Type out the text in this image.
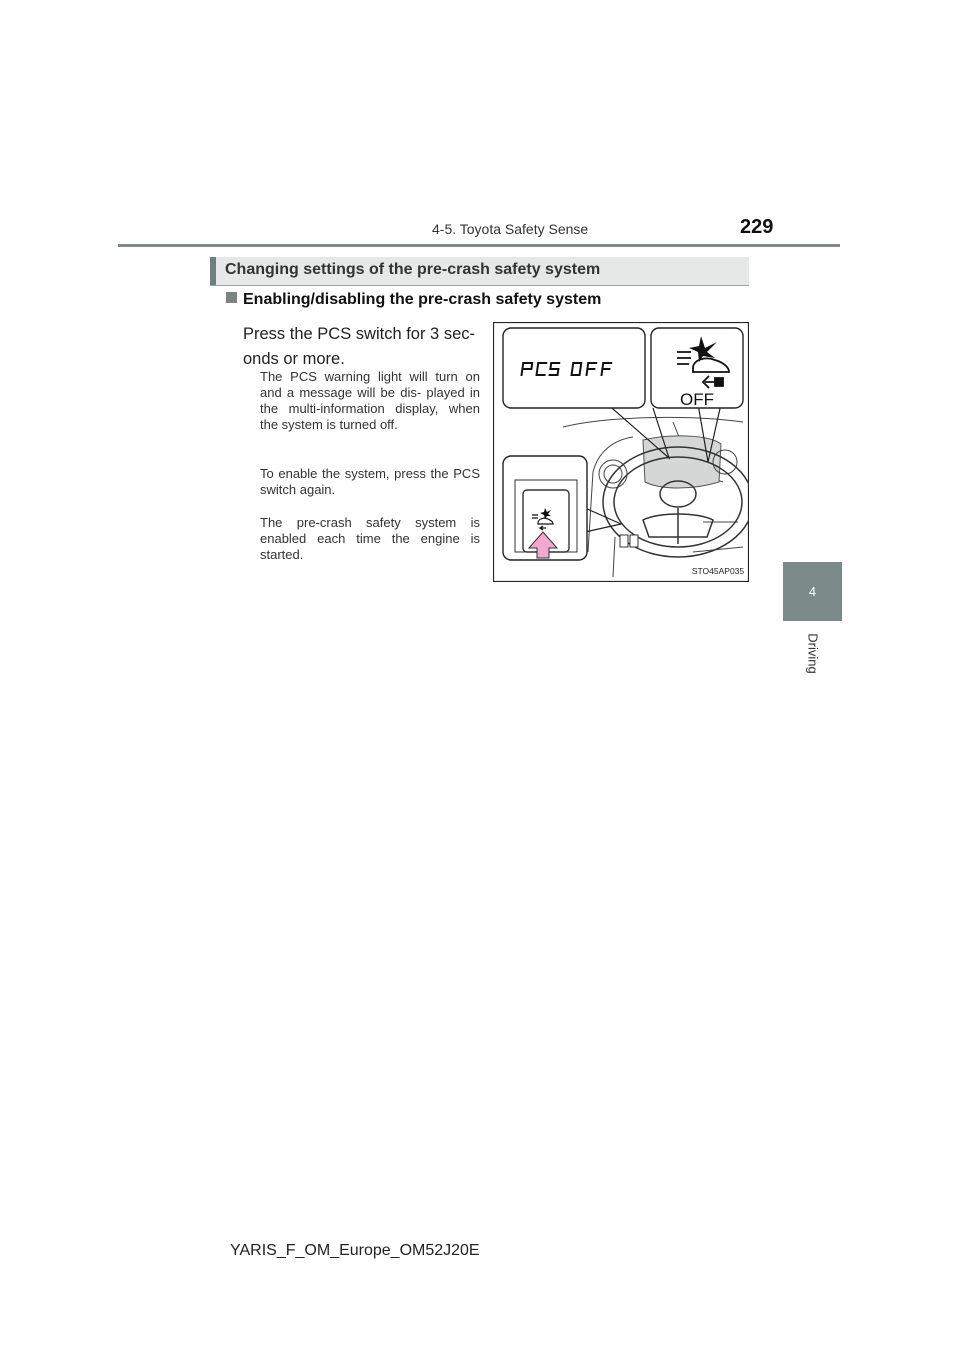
4-5. Toyota Safety Sense	229
4
Driving
Changing settings of the pre-crash safety system
Enabling/disabling the pre-crash safety system
Press the PCS switch for 3 sec- onds or more.
The PCS warning light will turn on and a message will be dis- played in the multi-information display, when the system is turned off.
To enable the system, press the PCS switch again.
The pre-crash safety system is enabled each time the engine is started.
PCS OFF	OFF
STO45AP035
YARIS_F_OM_Europe_OM52J20E
